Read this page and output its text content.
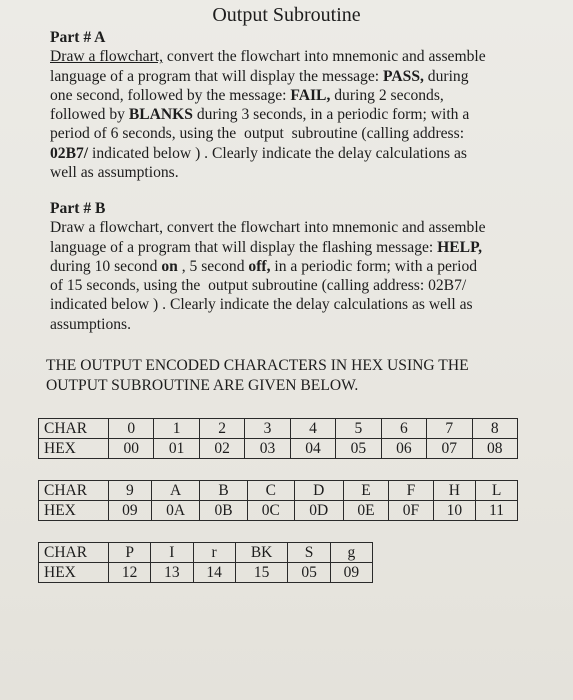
Output Subroutine
Part # A
Draw a flowchart, convert the flowchart into mnemonic and assemble
language of a program that will display the message: PASS, during
one second, followed by the message: FAIL, during 2 seconds,
followed by BLANKS during 3 seconds, in a periodic form; with a
period of 6 seconds, using the  output  subroutine (calling address:
02B7/ indicated below ) . Clearly indicate the delay calculations as
well as assumptions.
Part # B
Draw a flowchart, convert the flowchart into mnemonic and assemble
language of a program that will display the flashing message: HELP,
during 10 second on , 5 second off, in a periodic form; with a period
of 15 seconds, using the  output subroutine (calling address: 02B7/
indicated below ) . Clearly indicate the delay calculations as well as
assumptions.
THE OUTPUT ENCODED CHARACTERS IN HEX USING THE
OUTPUT SUBROUTINE ARE GIVEN BELOW.
CHAR	0	1	2	3	4	5	6	7	8
HEX	00	01	02	03	04	05	06	07	08
CHAR	9	A	B	C	D	E	F	H	L
HEX	09	0A	0B	0C	0D	0E	0F	10	11
CHAR	P	I	r	BK	S	g
HEX	12	13	14	15	05	09
